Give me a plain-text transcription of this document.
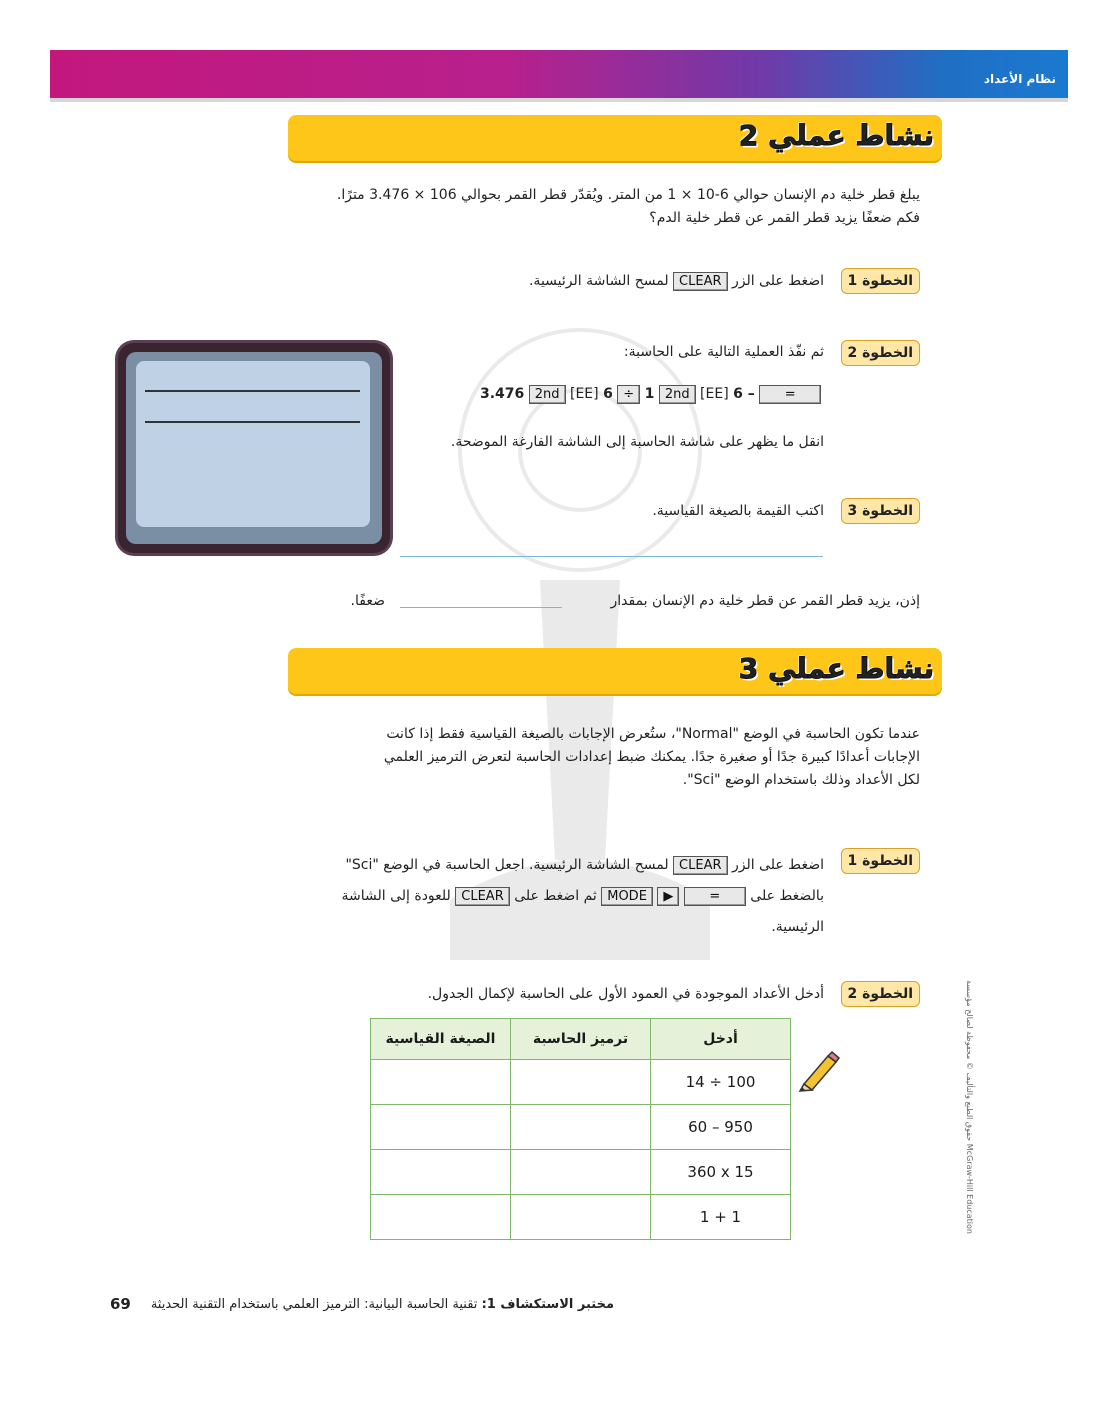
نظام الأعداد
نشاط عملي 2
يبلغ قطر خلية دم الإنسان حوالي 6-10 × 1 من المتر. ويُقدّر قطر القمر بحوالي 106 × 3.476 مترًا.
فكم ضعفًا يزيد قطر القمر عن قطر خلية الدم؟
الخطوة 1
اضغط على الزر CLEAR لمسح الشاشة الرئيسية.
الخطوة 2
ثم نفّذ العملية التالية على الحاسبة:
3.476 2nd [EE] 6 ÷ 1 2nd [EE] 6 – =
انقل ما يظهر على شاشة الحاسبة إلى الشاشة الفارغة الموضحة.
الخطوة 3
اكتب القيمة بالصيغة القياسية.
إذن، يزيد قطر القمر عن قطر خلية دم الإنسان بمقدار
ضعفًا.
نشاط عملي 3
عندما تكون الحاسبة في الوضع "Normal"، ستُعرض الإجابات بالصيغة القياسية فقط إذا كانت
الإجابات أعدادًا كبيرة جدًا أو صغيرة جدًا. يمكنك ضبط إعدادات الحاسبة لتعرض الترميز العلمي
لكل الأعداد وذلك باستخدام الوضع "Sci".
الخطوة 1
اضغط على الزر CLEAR لمسح الشاشة الرئيسية. اجعل الحاسبة في الوضع "Sci"
بالضغط على = ▶ MODE ثم اضغط على CLEAR للعودة إلى الشاشة
الرئيسية.
الخطوة 2
أدخل الأعداد الموجودة في العمود الأول على الحاسبة لإكمال الجدول.
أدخل	ترميز الحاسبة	الصيغة القياسية
14 ÷ 100		
60 – 950		
360 x 15		
1 + 1		
حقوق الطبع والتأليف © محفوظة لصالح مؤسسة McGraw-Hill Education
مختبر الاستكشاف 1: تقنية الحاسبة البيانية: الترميز العلمي باستخدام التقنية الحديثة
69
